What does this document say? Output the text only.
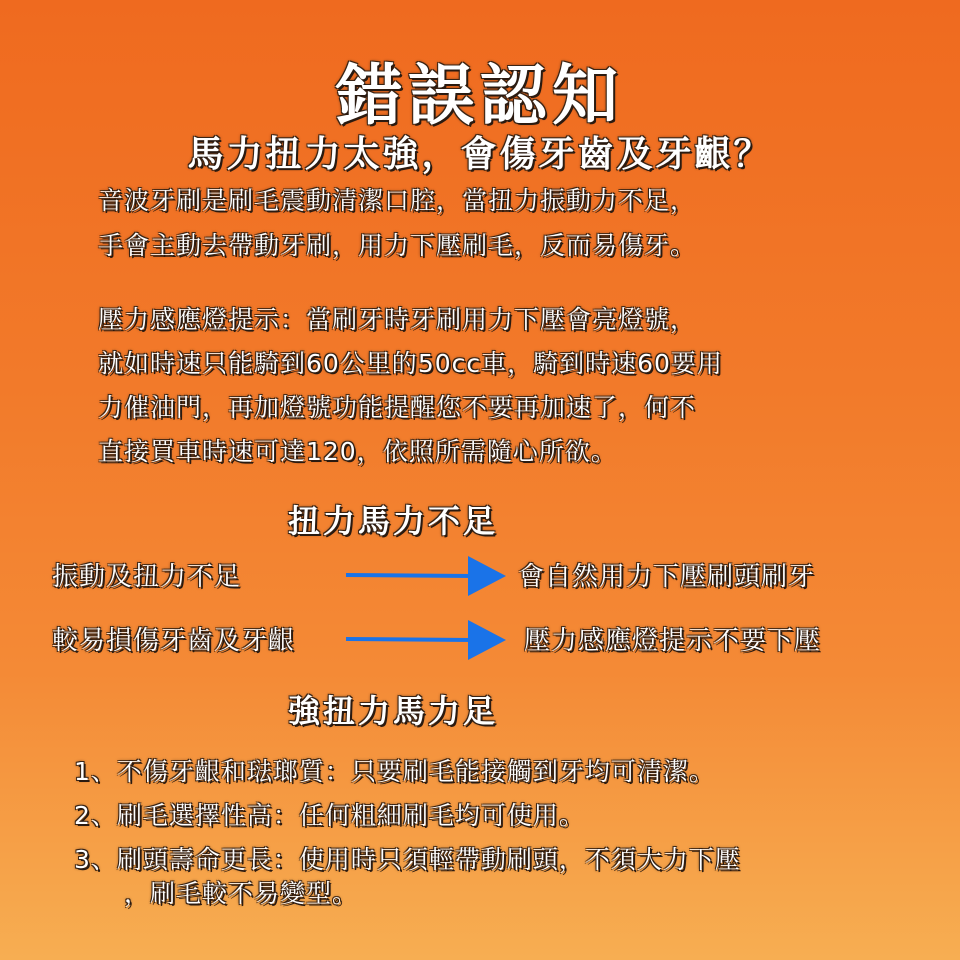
錯誤認知
馬力扭力太強，會傷牙齒及牙齦？

音波牙刷是刷毛震動清潔口腔，當扭力振動力不足，

手會主動去帶動牙刷，用力下壓刷毛，反而易傷牙。

壓力感應燈提示：當刷牙時牙刷用力下壓會亮燈號，

就如時速只能騎到60公里的50cc車，騎到時速60要用

力催油門，再加燈號功能提醒您不要再加速了，何不

直接買車時速可達120，依照所需隨心所欲。

扭力馬力不足
振動及扭力不足	會自然用力下壓刷頭刷牙
較易損傷牙齒及牙齦	壓力感應燈提示不要下壓
強扭力馬力足
1、不傷牙齦和琺瑯質：只要刷毛能接觸到牙均可清潔。
2、刷毛選擇性高：任何粗細刷毛均可使用。
3、刷頭壽命更長：使用時只須輕帶動刷頭，不須大力下壓
，刷毛較不易變型。
